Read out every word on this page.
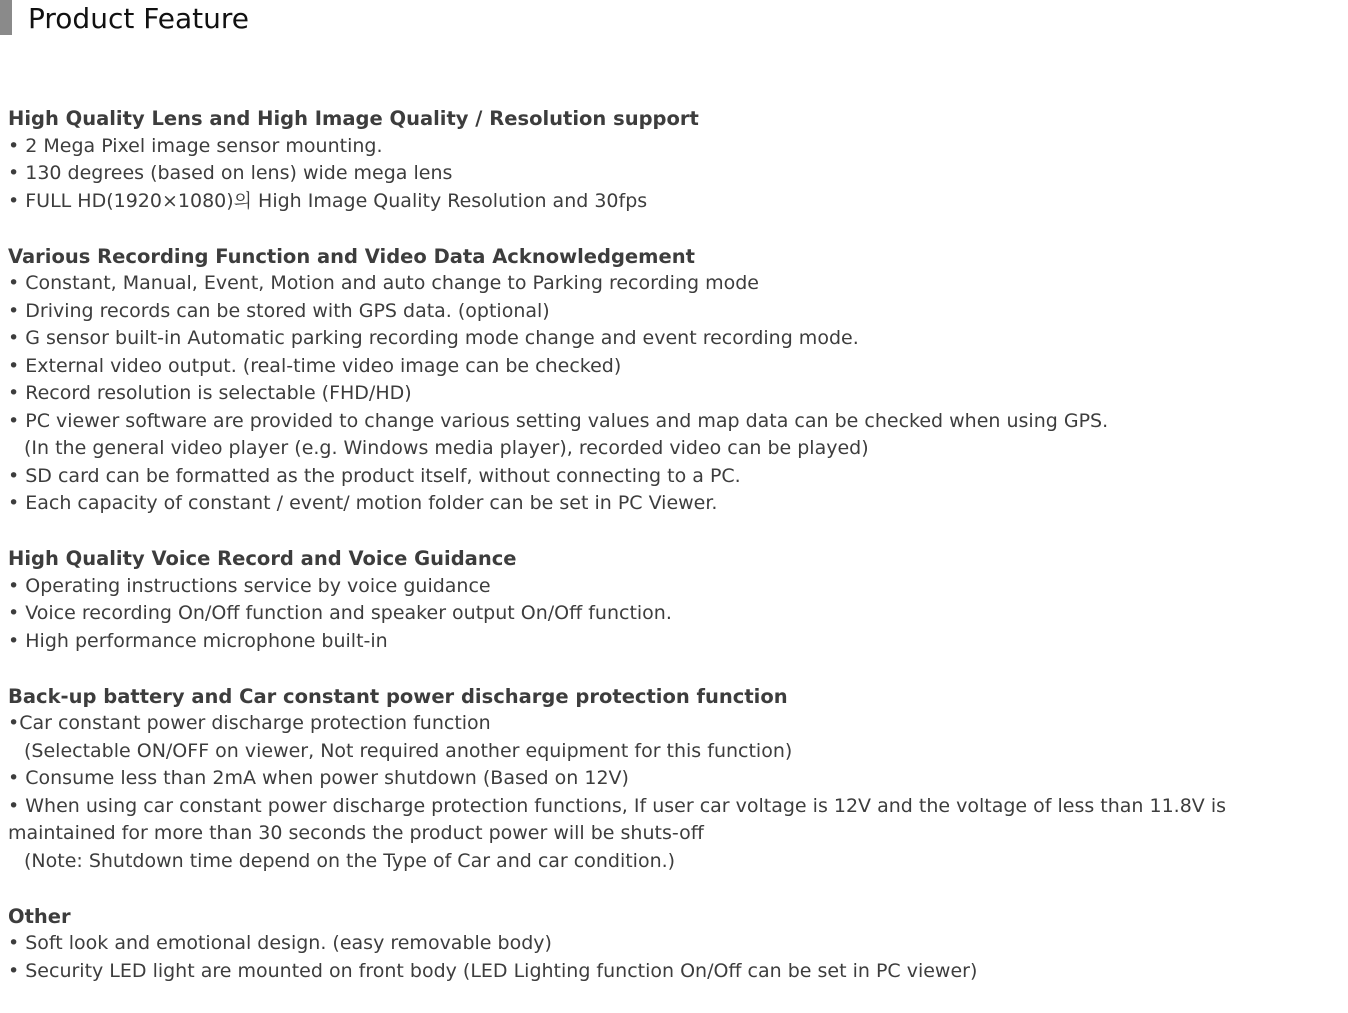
Product Feature
High Quality Lens and High Image Quality / Resolution support
• 2 Mega Pixel image sensor mounting.
• 130 degrees (based on lens) wide mega lens
• FULL HD(1920×1080)의 High Image Quality Resolution and 30fps
Various Recording Function and Video Data Acknowledgement
• Constant, Manual, Event, Motion and auto change to Parking recording mode
• Driving records can be stored with GPS data. (optional)
• G sensor built-in Automatic parking recording mode change and event recording mode.
• External video output. (real-time video image can be checked)
• Record resolution is selectable (FHD/HD)
• PC viewer software are provided to change various setting values and map data can be checked when using GPS.
(In the general video player (e.g. Windows media player), recorded video can be played)
• SD card can be formatted as the product itself, without connecting to a PC.
• Each capacity of constant / event/ motion folder can be set in PC Viewer.
High Quality Voice Record and Voice Guidance
• Operating instructions service by voice guidance
• Voice recording On/Off function and speaker output On/Off function.
• High performance microphone built-in
Back-up battery and Car constant power discharge protection function
•Car constant power discharge protection function
(Selectable ON/OFF on viewer, Not required another equipment for this function)
• Consume less than 2mA when power shutdown (Based on 12V)
• When using car constant power discharge protection functions, If user car voltage is 12V and the voltage of less than 11.8V is
maintained for more than 30 seconds the product power will be shuts-off
(Note: Shutdown time depend on the Type of Car and car condition.)
Other
• Soft look and emotional design. (easy removable body)
• Security LED light are mounted on front body (LED Lighting function On/Off can be set in PC viewer)
